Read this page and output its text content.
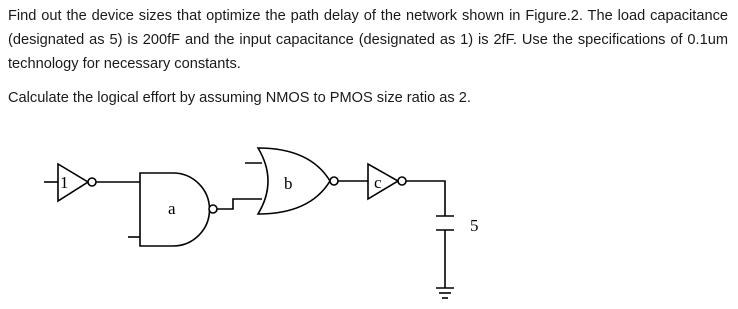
Find out the device sizes that optimize the path delay of the network shown in Figure.2. The load capacitance (designated as 5) is 200fF and the input capacitance (designated as 1) is 2fF. Use the specifications of 0.1um technology for necessary constants.

Calculate the logical effort by assuming NMOS to PMOS size ratio as 2.

1
a
b	c
5
